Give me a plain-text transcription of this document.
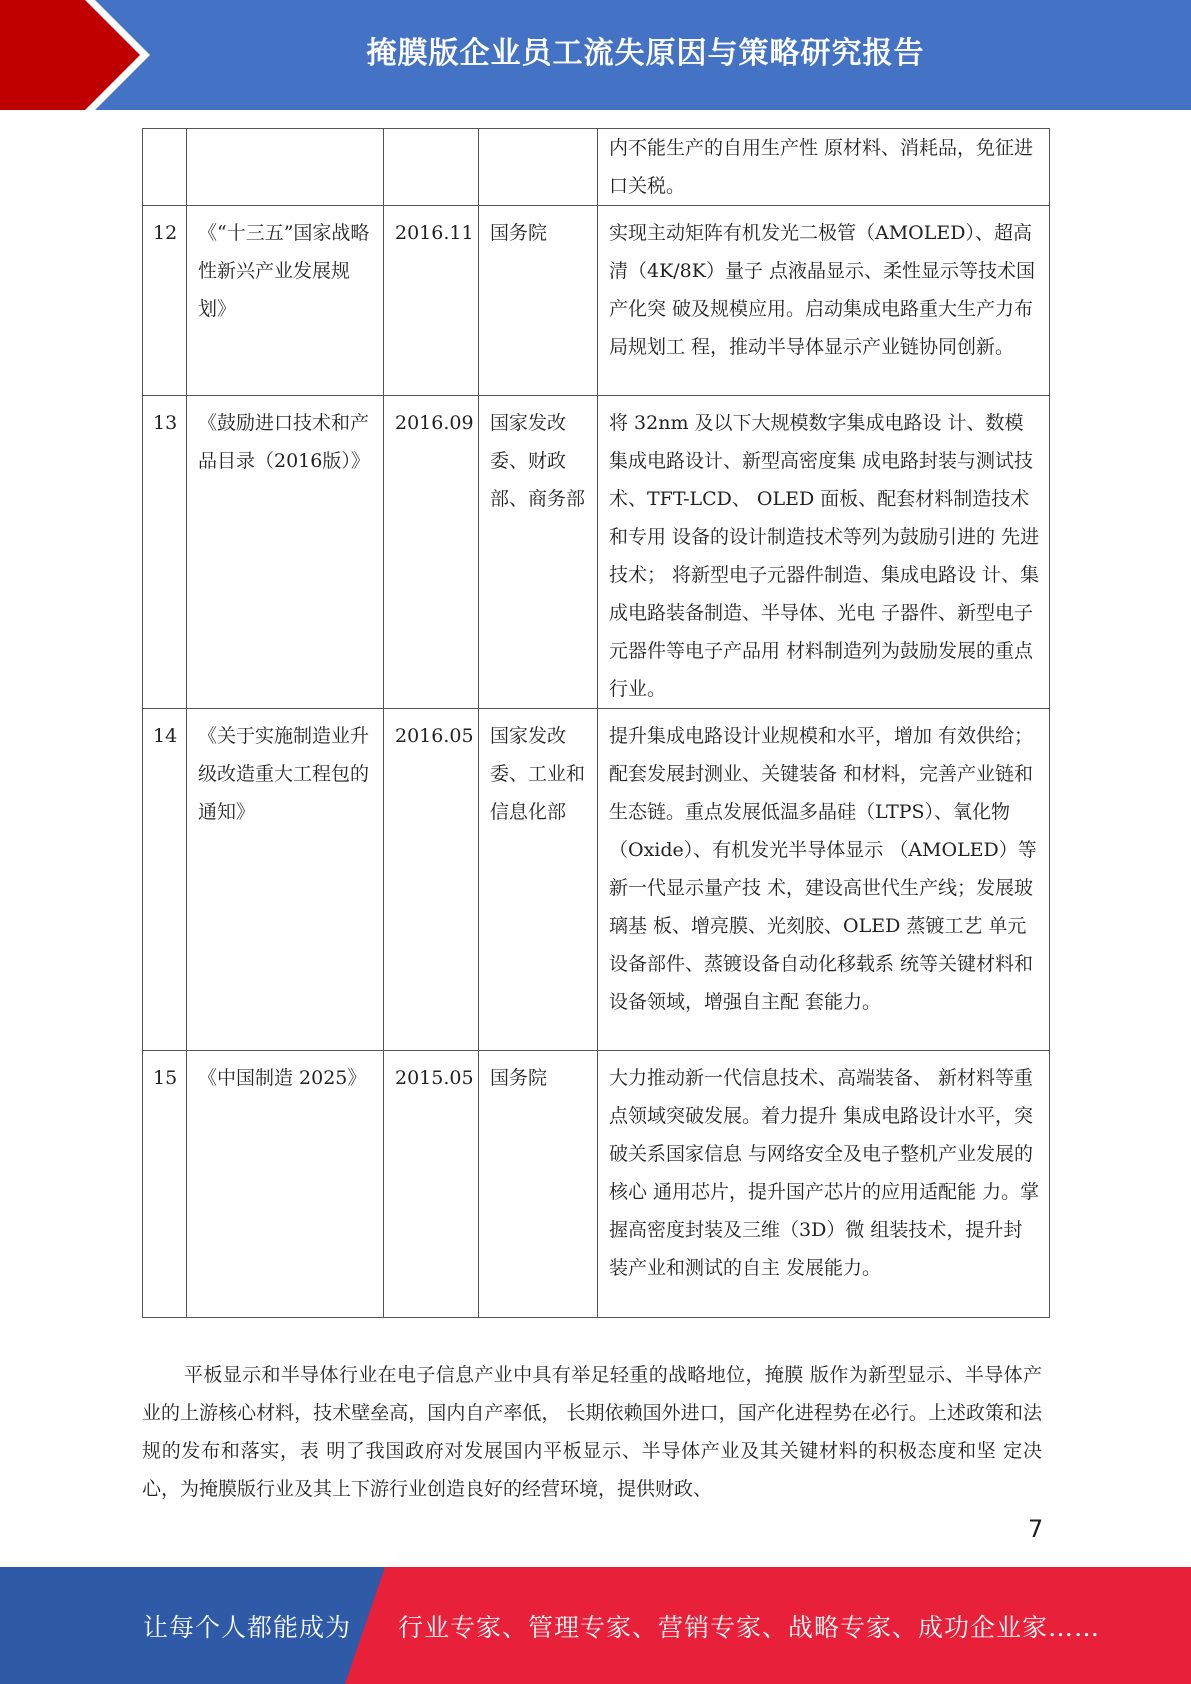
掩膜版企业员工流失原因与策略研究报告
				内不能生产的自用生产性 原材料、消耗品，免征进口关税。
12	《“十三五”国家战略性新兴产业发展规划》	2016.11	国务院	实现主动矩阵有机发光二极管（AMOLED）、超高清（4K/8K）量子 点液晶显示、柔性显示等技术国产化突 破及规模应用。启动集成电路重大生产力布局规划工 程，推动半导体显示产业链协同创新。
13	《鼓励进口技术和产品目录（2016版）》	2016.09	国家发改委、财政部、商务部	将 32nm 及以下大规模数字集成电路设 计、数模集成电路设计、新型高密度集 成电路封装与测试技术、TFT-LCD、 OLED 面板、配套材料制造技术和专用 设备的设计制造技术等列为鼓励引进的 先进技术； 将新型电子元器件制造、集成电路设 计、集成电路装备制造、半导体、光电 子器件、新型电子元器件等电子产品用 材料制造列为鼓励发展的重点行业。
14	《关于实施制造业升级改造重大工程包的通知》	2016.05	国家发改委、工业和信息化部	提升集成电路设计业规模和水平，增加 有效供给；配套发展封测业、关键装备 和材料，完善产业链和生态链。重点发展低温多晶硅（LTPS）、氧化物 （Oxide）、有机发光半导体显示 （AMOLED）等新一代显示量产技 术，建设高世代生产线；发展玻璃基 板、增亮膜、光刻胶、OLED 蒸镀工艺 单元设备部件、蒸镀设备自动化移载系 统等关键材料和设备领域，增强自主配 套能力。
15	《中国制造 2025》	2015.05	国务院	大力推动新一代信息技术、高端装备、 新材料等重点领域突破发展。着力提升 集成电路设计水平，突破关系国家信息 与网络安全及电子整机产业发展的核心 通用芯片，提升国产芯片的应用适配能 力。掌握高密度封装及三维（3D）微 组装技术，提升封装产业和测试的自主 发展能力。

平板显示和半导体行业在电子信息产业中具有举足轻重的战略地位，掩膜 版作为新型显示、半导体产业的上游核心材料，技术壁垒高，国内自产率低， 长期依赖国外进口，国产化进程势在必行。上述政策和法规的发布和落实，表 明了我国政府对发展国内平板显示、半导体产业及其关键材料的积极态度和坚 定决心，为掩膜版行业及其上下游行业创造良好的经营环境，提供财政、

7
让每个人都能成为 行业专家、管理专家、营销专家、战略专家、成功企业家……
